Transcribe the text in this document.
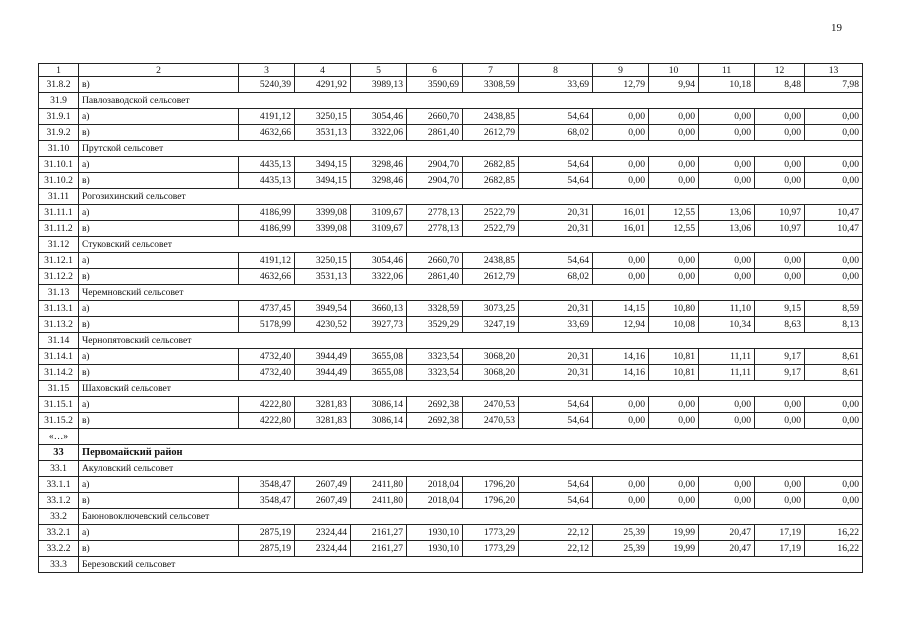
19
1	2	3	4	5	6	7	8	9	10	11	12	13
31.8.2	в)	5240,39	4291,92	3989,13	3590,69	3308,59	33,69	12,79	9,94	10,18	8,48	7,98
31.9	Павлозаводской сельсовет											
31.9.1	а)	4191,12	3250,15	3054,46	2660,70	2438,85	54,64	0,00	0,00	0,00	0,00	0,00
31.9.2	в)	4632,66	3531,13	3322,06	2861,40	2612,79	68,02	0,00	0,00	0,00	0,00	0,00
31.10	Прутской сельсовет											
31.10.1	а)	4435,13	3494,15	3298,46	2904,70	2682,85	54,64	0,00	0,00	0,00	0,00	0,00
31.10.2	в)	4435,13	3494,15	3298,46	2904,70	2682,85	54,64	0,00	0,00	0,00	0,00	0,00
31.11	Рогозихинский сельсовет											
31.11.1	а)	4186,99	3399,08	3109,67	2778,13	2522,79	20,31	16,01	12,55	13,06	10,97	10,47
31.11.2	в)	4186,99	3399,08	3109,67	2778,13	2522,79	20,31	16,01	12,55	13,06	10,97	10,47
31.12	Стуковский сельсовет											
31.12.1	а)	4191,12	3250,15	3054,46	2660,70	2438,85	54,64	0,00	0,00	0,00	0,00	0,00
31.12.2	в)	4632,66	3531,13	3322,06	2861,40	2612,79	68,02	0,00	0,00	0,00	0,00	0,00
31.13	Черемновский сельсовет											
31.13.1	а)	4737,45	3949,54	3660,13	3328,59	3073,25	20,31	14,15	10,80	11,10	9,15	8,59
31.13.2	в)	5178,99	4230,52	3927,73	3529,29	3247,19	33,69	12,94	10,08	10,34	8,63	8,13
31.14	Чернопятовский сельсовет											
31.14.1	а)	4732,40	3944,49	3655,08	3323,54	3068,20	20,31	14,16	10,81	11,11	9,17	8,61
31.14.2	в)	4732,40	3944,49	3655,08	3323,54	3068,20	20,31	14,16	10,81	11,11	9,17	8,61
31.15	Шаховский сельсовет											
31.15.1	а)	4222,80	3281,83	3086,14	2692,38	2470,53	54,64	0,00	0,00	0,00	0,00	0,00
31.15.2	в)	4222,80	3281,83	3086,14	2692,38	2470,53	54,64	0,00	0,00	0,00	0,00	0,00
«…»												
33	Первомайский район											
33.1	Акуловский сельсовет											
33.1.1	а)	3548,47	2607,49	2411,80	2018,04	1796,20	54,64	0,00	0,00	0,00	0,00	0,00
33.1.2	в)	3548,47	2607,49	2411,80	2018,04	1796,20	54,64	0,00	0,00	0,00	0,00	0,00
33.2	Баюновоключевский сельсовет											
33.2.1	а)	2875,19	2324,44	2161,27	1930,10	1773,29	22,12	25,39	19,99	20,47	17,19	16,22
33.2.2	в)	2875,19	2324,44	2161,27	1930,10	1773,29	22,12	25,39	19,99	20,47	17,19	16,22
33.3	Березовский сельсовет											
